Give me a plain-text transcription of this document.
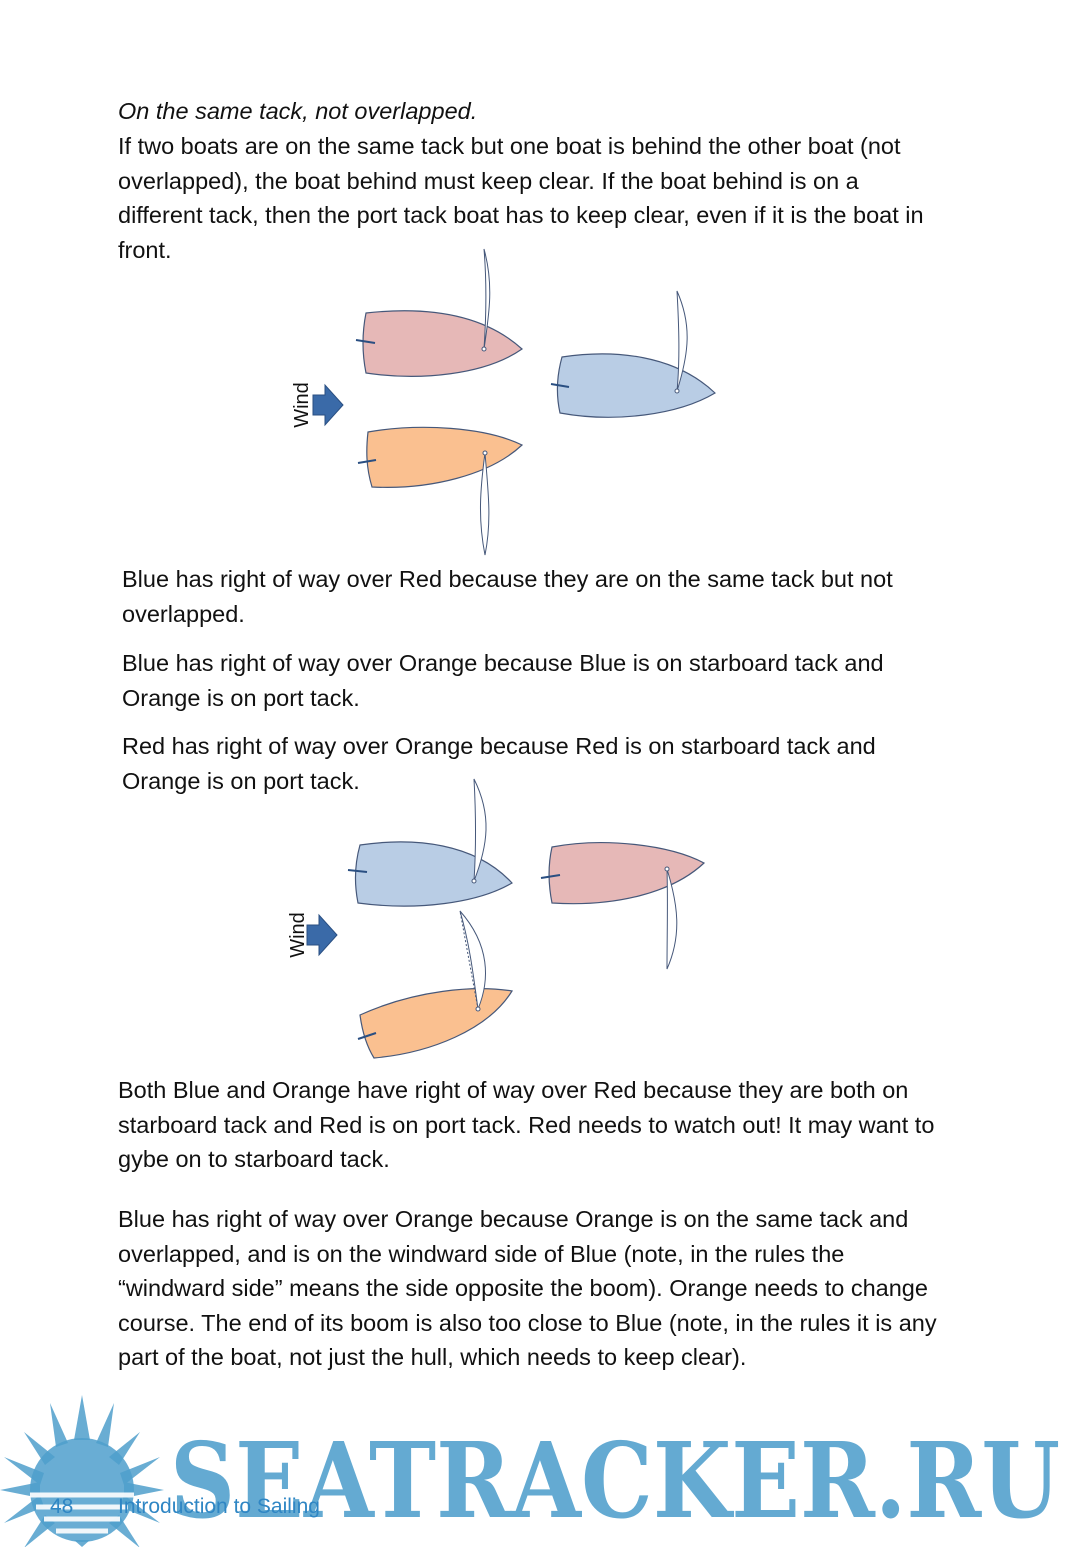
On the same tack, not overlapped.

If two boats are on the same tack but one boat is behind the other boat (not overlapped), the boat behind must keep clear. If the boat behind is on a different tack, then the port tack boat has to keep clear, even if it is the boat in front.

Wind

Blue has right of way over Red because they are on the same tack but not overlapped.

Blue has right of way over Orange because Blue is on starboard tack and Orange is on port tack.

Red has right of way over Orange because Red is on starboard tack and Orange is on port tack.

Wind

Both Blue and Orange have right of way over Red because they are both on starboard tack and Red is on port tack. Red needs to watch out! It may want to gybe on to starboard tack.

Blue has right of way over Orange because Orange is on the same tack and overlapped, and is on the windward side of Blue (note, in the rules the “windward side” means the side opposite the boom). Orange needs to change course. The end of its boom is also too close to Blue (note, in the rules it is any part of the boat, not just the hull, which needs to keep clear).

SEATRACKER.RU
48 Introduction to Sailing
